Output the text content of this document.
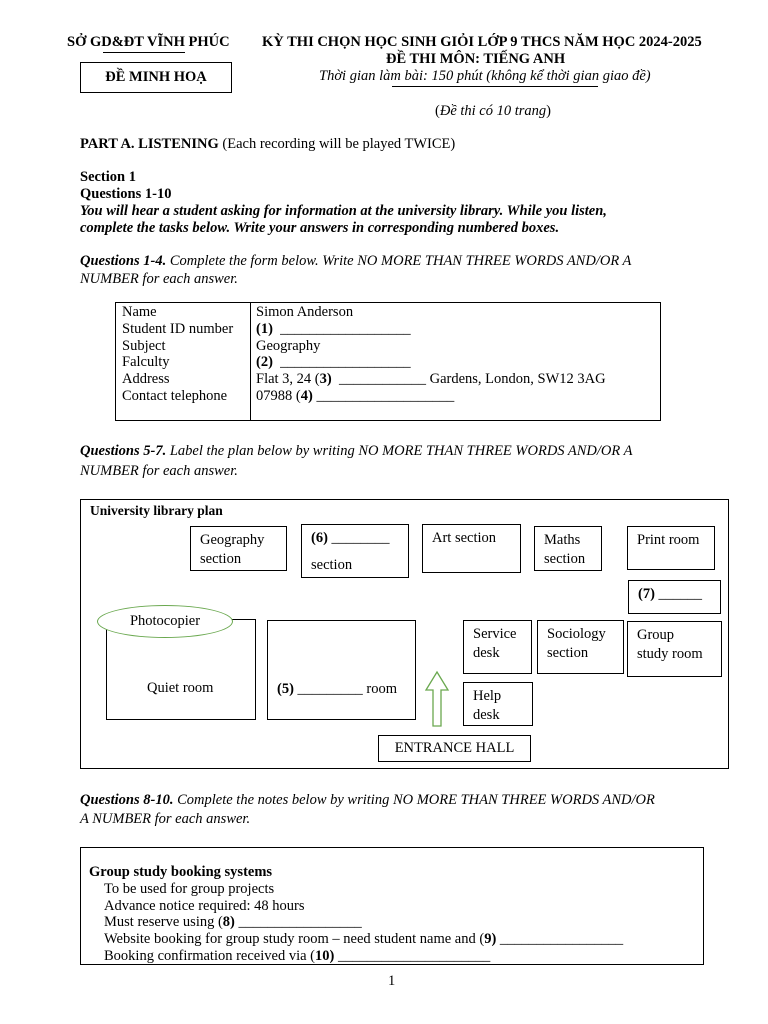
SỞ GD&ĐT VĨNH PHÚC KỲ THI CHỌN HỌC SINH GIỎI LỚP 9 THCS NĂM HỌC 2024-2025
ĐỀ THI MÔN: TIẾNG ANH
ĐỀ MINH HOẠ	Thời gian làm bài: 150 phút (không kể thời gian giao đề)
(Đề thi có 10 trang)
PART A. LISTENING (Each recording will be played TWICE)
Section 1
Questions 1-10
You will hear a student asking for information at the university library. While you listen,
complete the tasks below. Write your answers in corresponding numbered boxes.
Questions 1-4. Complete the form below. Write NO MORE THAN THREE WORDS AND/OR A
NUMBER for each answer.
Name	Simon Anderson
Student ID number	(1)  __________________
Subject	Geography
Falculty	(2)  __________________
Address	Flat 3, 24 (3)  ____________ Gardens, London, SW12 3AG
Contact telephone	07988 (4) ___________________
Questions 5-7. Label the plan below by writing NO MORE THAN THREE WORDS AND/OR A
NUMBER for each answer.
University library plan
Geography
section
(6) ________
section
Art section	Maths
section
Print room
(7) ______
Quiet room
Photocopier
(5) _________ room
Service
desk
Sociology
section
Group
study room
Help
desk
ENTRANCE HALL
Questions 8-10. Complete the notes below by writing NO MORE THAN THREE WORDS AND/OR
A NUMBER for each answer.
Group study booking systems
To be used for group projects
Advance notice required: 48 hours
Must reserve using (8) _________________
Website booking for group study room – need student name and (9) _________________
Booking confirmation received via (10) _____________________
1
